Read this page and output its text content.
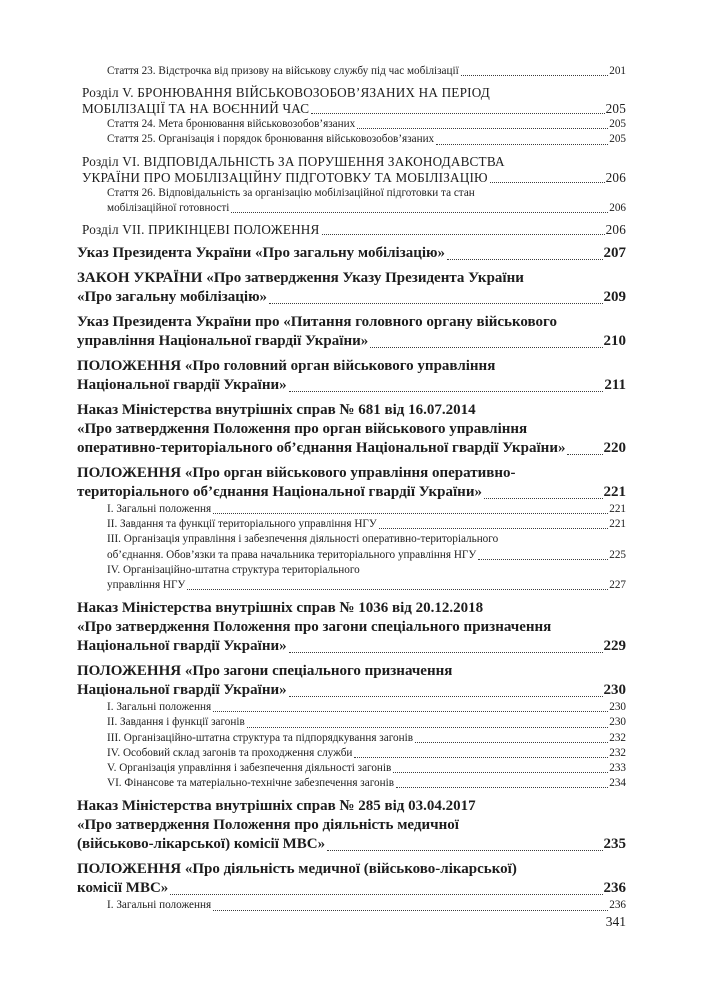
Стаття 23. Відстрочка від призову на військову службу під час мобілізації	201
Розділ V. БРОНЮВАННЯ ВІЙСЬКОВОЗОБОВ’ЯЗАНИХ НА ПЕРІОД
МОБІЛІЗАЦІЇ ТА НА ВОЄННИЙ ЧАС	205
Стаття 24. Мета бронювання військовозобов’язаних	205
Стаття 25. Організація і порядок бронювання військовозобов’язаних	205
Розділ VI. ВІДПОВІДАЛЬНІСТЬ ЗА ПОРУШЕННЯ ЗАКОНОДАВСТВА
УКРАЇНИ ПРО МОБІЛІЗАЦІЙНУ ПІДГОТОВКУ ТА МОБІЛІЗАЦІЮ	206
Стаття 26. Відповідальність за організацію мобілізаційної підготовки та стан
мобілізаційної готовності	206
Розділ VII. ПРИКІНЦЕВІ ПОЛОЖЕННЯ	206
Указ Президента України «Про загальну мобілізацію»	207
ЗАКОН УКРАЇНИ «Про затвердження Указу Президента України
«Про загальну мобілізацію»	209
Указ Президента України про «Питання головного органу військового
управління Національної гвардії України»	210
ПОЛОЖЕННЯ «Про головний орган військового управління
Національної гвардії України»	211
Наказ Міністерства внутрішніх справ № 681 від 16.07.2014
«Про затвердження Положення про орган військового управління
оперативно-територіального об’єднання Національної гвардії України»	220
ПОЛОЖЕННЯ «Про орган військового управління оперативно-
територіального об’єднання Національної гвардії України»	221
I. Загальні положення	221
II. Завдання та функції територіального управління НГУ	221
III. Організація управління і забезпечення діяльності оперативно-територіального
об’єднання. Обов’язки та права начальника територіального управління НГУ	225
IV. Організаційно-штатна структура територіального
управління НГУ	227
Наказ Міністерства внутрішніх справ № 1036 від 20.12.2018
«Про затвердження Положення про загони спеціального призначення
Національної гвардії України»	229
ПОЛОЖЕННЯ «Про загони спеціального призначення
Національної гвардії України»	230
I. Загальні положення	230
II. Завдання і функції загонів	230
III. Організаційно-штатна структура та підпорядкування загонів	232
IV. Особовий склад загонів та проходження служби	232
V. Організація управління і забезпечення діяльності загонів	233
VI. Фінансове та матеріально-технічне забезпечення загонів	234
Наказ Міністерства внутрішніх справ № 285 від 03.04.2017
«Про затвердження Положення про діяльність медичної
(військово-лікарської) комісії МВС»	235
ПОЛОЖЕННЯ «Про діяльність медичної (військово-лікарської)
комісії МВС»	236
I. Загальні положення	236
341
